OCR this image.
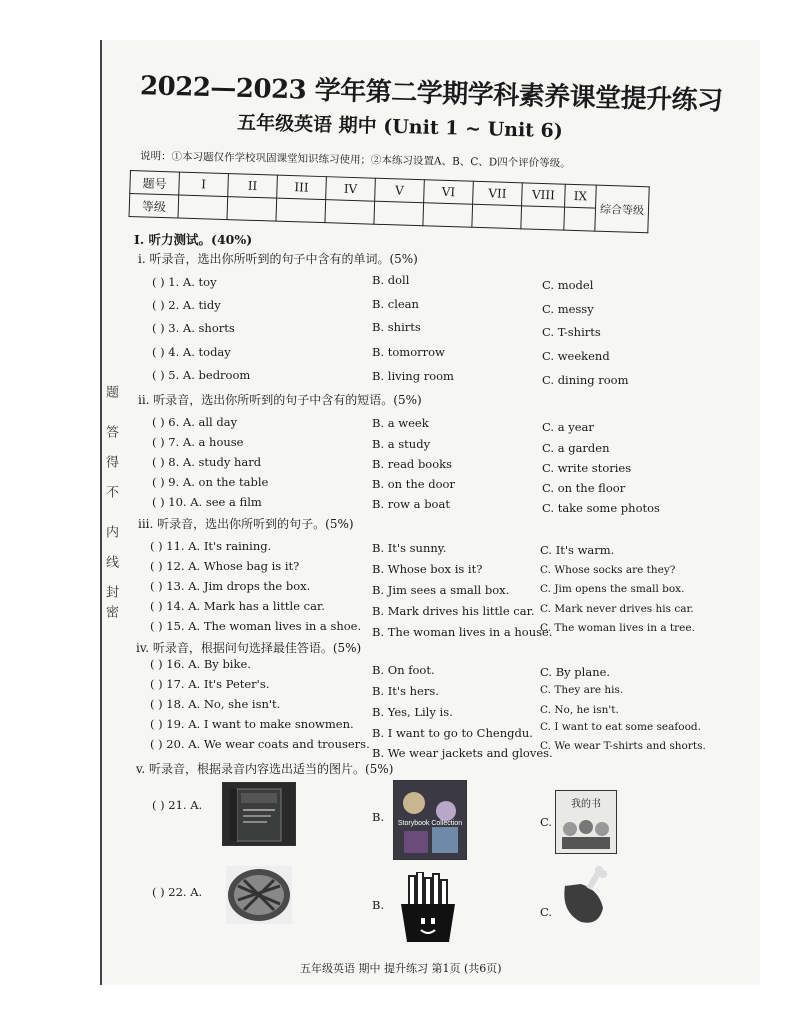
题
答
得
不
内
线
封
密
2022—2023 学年第二学期学科素养课堂提升练习
五年级英语 期中 (Unit 1 ~ Unit 6)
说明：①本习题仅作学校巩固课堂知识练习使用；②本练习设置A、B、C、D四个评价等级。
题号	I	II	III	IV	V	VI	VII	VIII	IX	综合等级
等级										
I. 听力测试。(40%)
i. 听录音，选出你所听到的句子中含有的单词。(5%)
( ) 1. A. toy	B. doll	C. model
( ) 2. A. tidy	B. clean	C. messy
( ) 3. A. shorts	B. shirts	C. T-shirts
( ) 4. A. today	B. tomorrow	C. weekend
( ) 5. A. bedroom	B. living room	C. dining room
ii. 听录音，选出你所听到的句子中含有的短语。(5%)
( ) 6. A. all day	B. a week	C. a year
( ) 7. A. a house	B. a study	C. a garden
( ) 8. A. study hard	B. read books	C. write stories
( ) 9. A. on the table	B. on the door	C. on the floor
( ) 10. A. see a film	B. row a boat	C. take some photos
iii. 听录音，选出你所听到的句子。(5%)
( ) 11. A. It's raining.	B. It's sunny.	C. It's warm.
( ) 12. A. Whose bag is it?	B. Whose box is it?	C. Whose socks are they?
( ) 13. A. Jim drops the box.	B. Jim sees a small box.	C. Jim opens the small box.
( ) 14. A. Mark has a little car.	B. Mark drives his little car. C. Mark never drives his car.
( ) 15. A. The woman lives in a shoe. B. The woman lives in a house.
C. The woman lives in a tree.
iv. 听录音，根据问句选择最佳答语。(5%)
( ) 16. A. By bike.	B. On foot.	C. By plane.
( ) 17. A. It's Peter's.	B. It's hers.	C. They are his.
( ) 18. A. No, she isn't.
B. Yes, Lily is.	C. No, he isn't.
( ) 19. A. I want to make snowmen.
B. I want to go to Chengdu. C. I want to eat some seafood.
( ) 20. A. We wear coats and trousers.
B. We wear jackets and gloves.
C. We wear T-shirts and shorts.
v. 听录音，根据录音内容选出适当的图片。(5%)
( ) 21. A.
B. Storybook Collection	C.
我的书
( ) 22. A.
B.	C.
五年级英语 期中 提升练习 第1页 (共6页)
